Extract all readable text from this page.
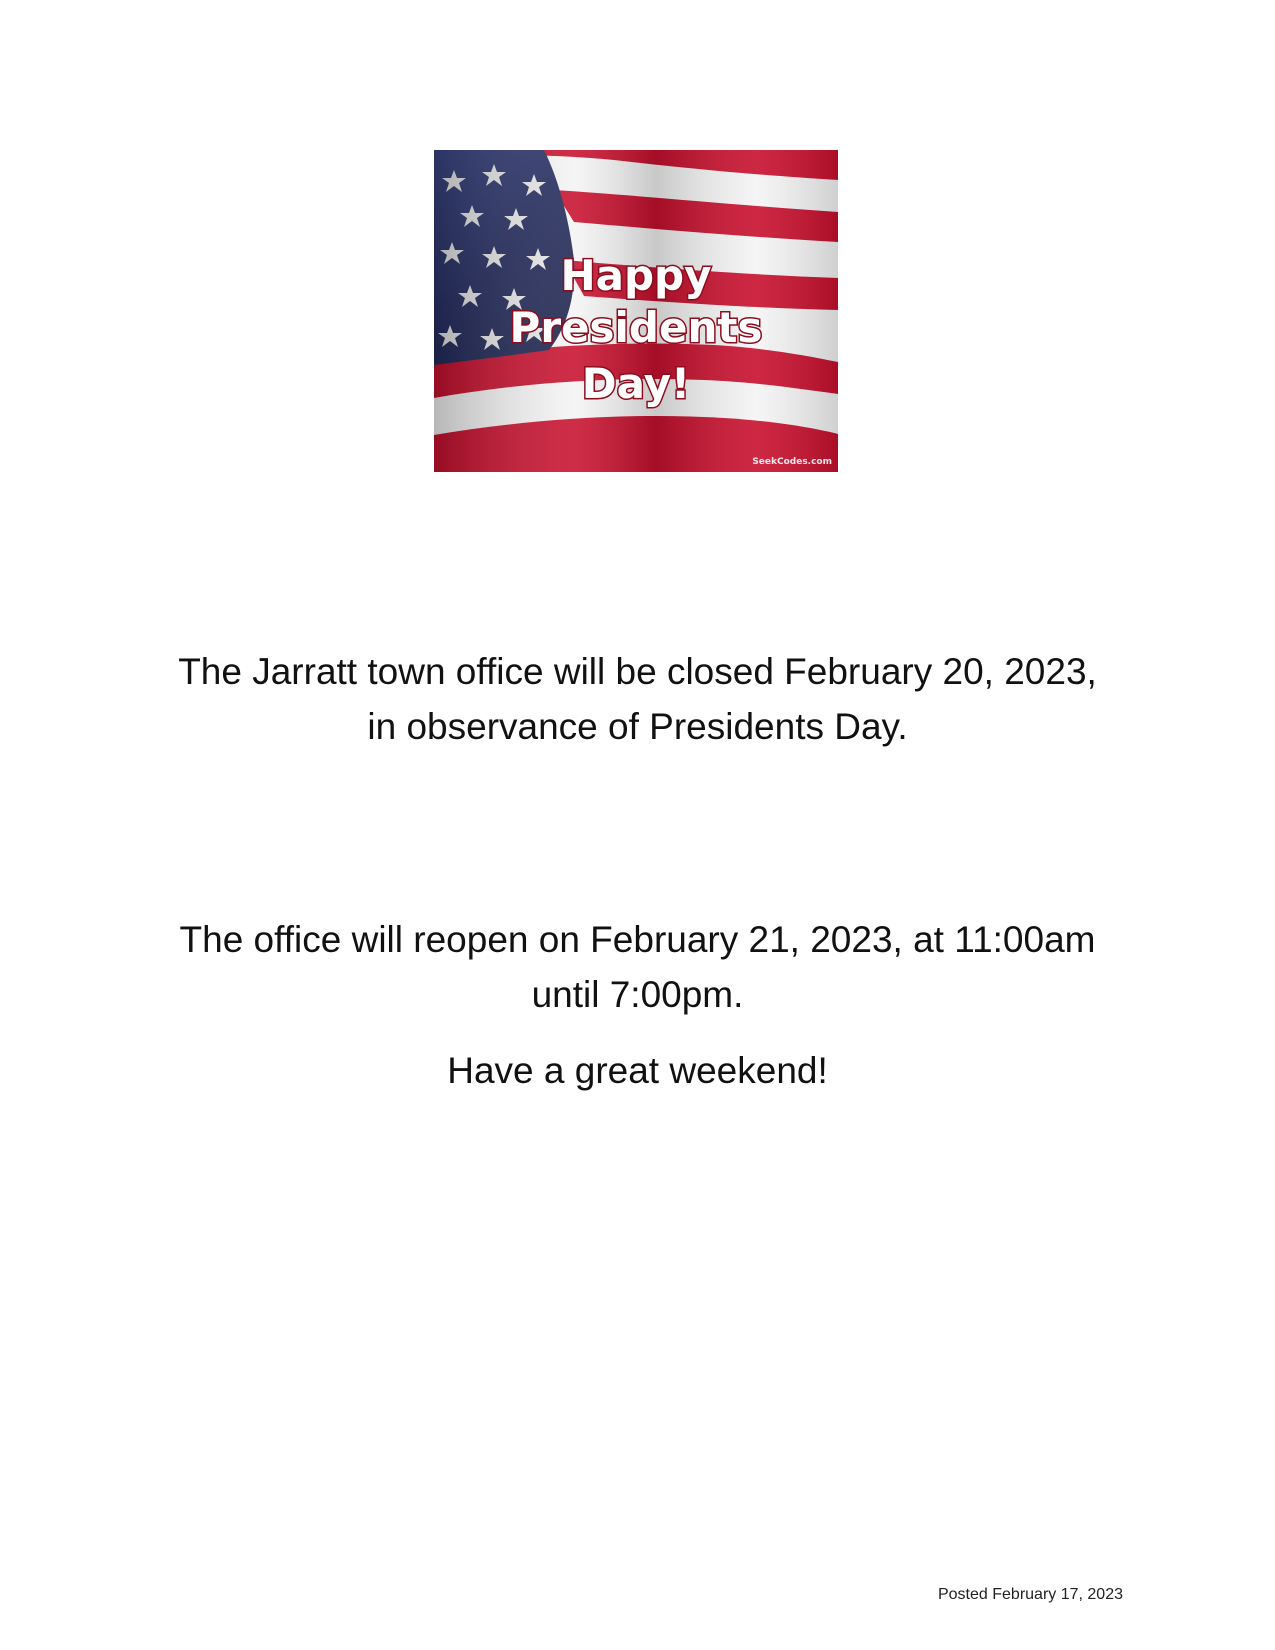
Happy
Presidents
Day!
SeekCodes.com
The Jarratt town office will be closed February 20, 2023,
in observance of Presidents Day.
The office will reopen on February 21, 2023, at 11:00am
until 7:00pm.
Have a great weekend!
Posted February 17, 2023
